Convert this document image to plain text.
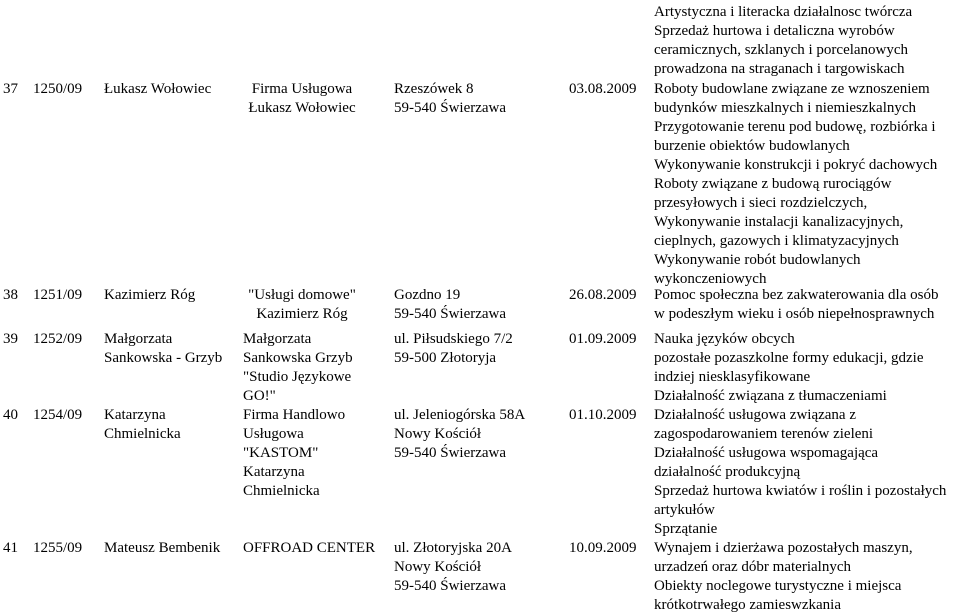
Artystyczna i literacka działalnosc twórcza
Sprzedaż hurtowa i detaliczna wyrobów
ceramicznych, szklanych i porcelanowych
prowadzona na straganach i targowiskach
37 1250/09 Łukasz Wołowiec	Firma Usługowa
Łukasz Wołowiec
Rzeszówek 8
59-540 Świerzawa
03.08.2009 Roboty budowlane związane ze wznoszeniem
budynków mieszkalnych i niemieszkalnych
Przygotowanie terenu pod budowę, rozbiórka i
burzenie obiektów budowlanych
Wykonywanie konstrukcji i pokryć dachowych
Roboty związane z budową rurociągów
przesyłowych i sieci rozdzielczych,
Wykonywanie instalacji kanalizacyjnych,
cieplnych, gazowych i klimatyzacyjnych
Wykonywanie robót budowlanych
wykonczeniowych
38 1251/09 Kazimierz Róg	"Usługi domowe"
Kazimierz Róg
Gozdno 19
59-540 Świerzawa
26.08.2009 Pomoc społeczna bez zakwaterowania dla osób
w podeszłym wieku i osób niepełnosprawnych
39 1252/09 Małgorzata
Sankowska - Grzyb
Małgorzata
Sankowska Grzyb
"Studio Językowe
GO!"
ul. Piłsudskiego 7/2
59-500 Złotoryja
01.09.2009 Nauka języków obcych
pozostałe pozaszkolne formy edukacji, gdzie
indziej niesklasyfikowane
Działalność związana z tłumaczeniami
40 1254/09 Katarzyna
Chmielnicka
Firma Handlowo
Usługowa
"KASTOM"
Katarzyna
Chmielnicka
ul. Jeleniogórska 58A
Nowy Kościół
59-540 Świerzawa
01.10.2009 Działalność usługowa związana z
zagospodarowaniem terenów zieleni
Działalność usługowa wspomagająca
działalność produkcyjną
Sprzedaż hurtowa kwiatów i roślin i pozostałych
artykułów
Sprzątanie
41 1255/09 Mateusz Bembenik OFFROAD CENTER ul. Złotoryjska 20A
Nowy Kościół
59-540 Świerzawa
10.09.2009 Wynajem i dzierżawa pozostałych maszyn,
urzadzeń oraz dóbr materialnych
Obiekty noclegowe turystyczne i miejsca
krótkotrwałego zamieswzkania
